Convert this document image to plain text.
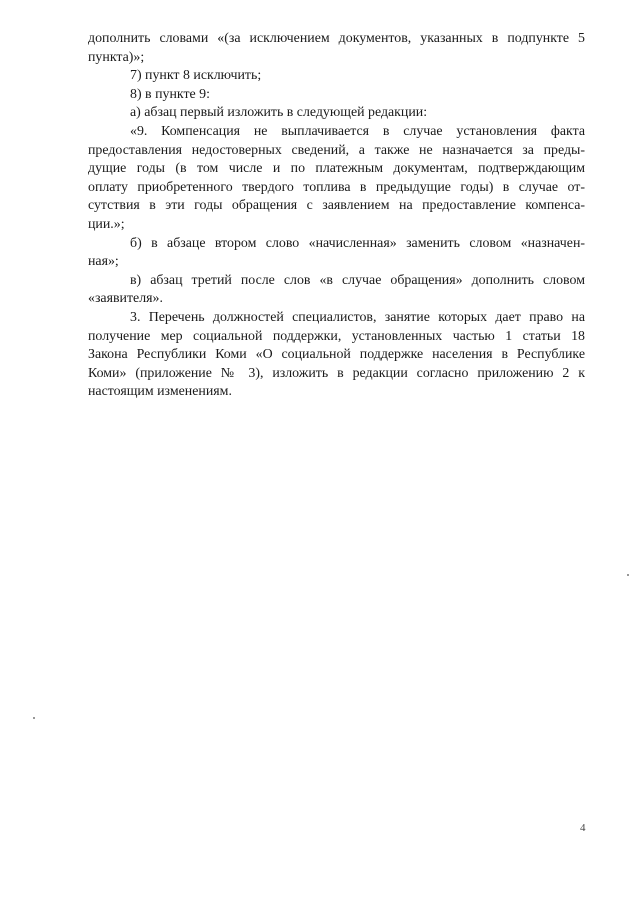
дополнить словами «(за исключением документов, указанных в подпункте 5

пункта)»;

7) пункт 8 исключить;

8) в пункте 9:

а) абзац первый изложить в следующей редакции:

«9. Компенсация не выплачивается в случае установления факта

предоставления недостоверных сведений, а также не назначается за преды-

дущие годы (в том числе и по платежным документам, подтверждающим

оплату приобретенного твердого топлива в предыдущие годы) в случае от-

сутствия в эти годы обращения с заявлением на предоставление компенса-

ции.»;

б) в абзаце втором слово «начисленная» заменить словом «назначен-

ная»;

в) абзац третий после слов «в случае обращения» дополнить словом

«заявителя».

3. Перечень должностей специалистов, занятие которых дает право на

получение мер социальной поддержки, установленных частью 1 статьи 18

Закона Республики Коми «О социальной поддержке населения в Республике

Коми» (приложение № 3), изложить в редакции согласно приложению 2 к

настоящим изменениям.

4
